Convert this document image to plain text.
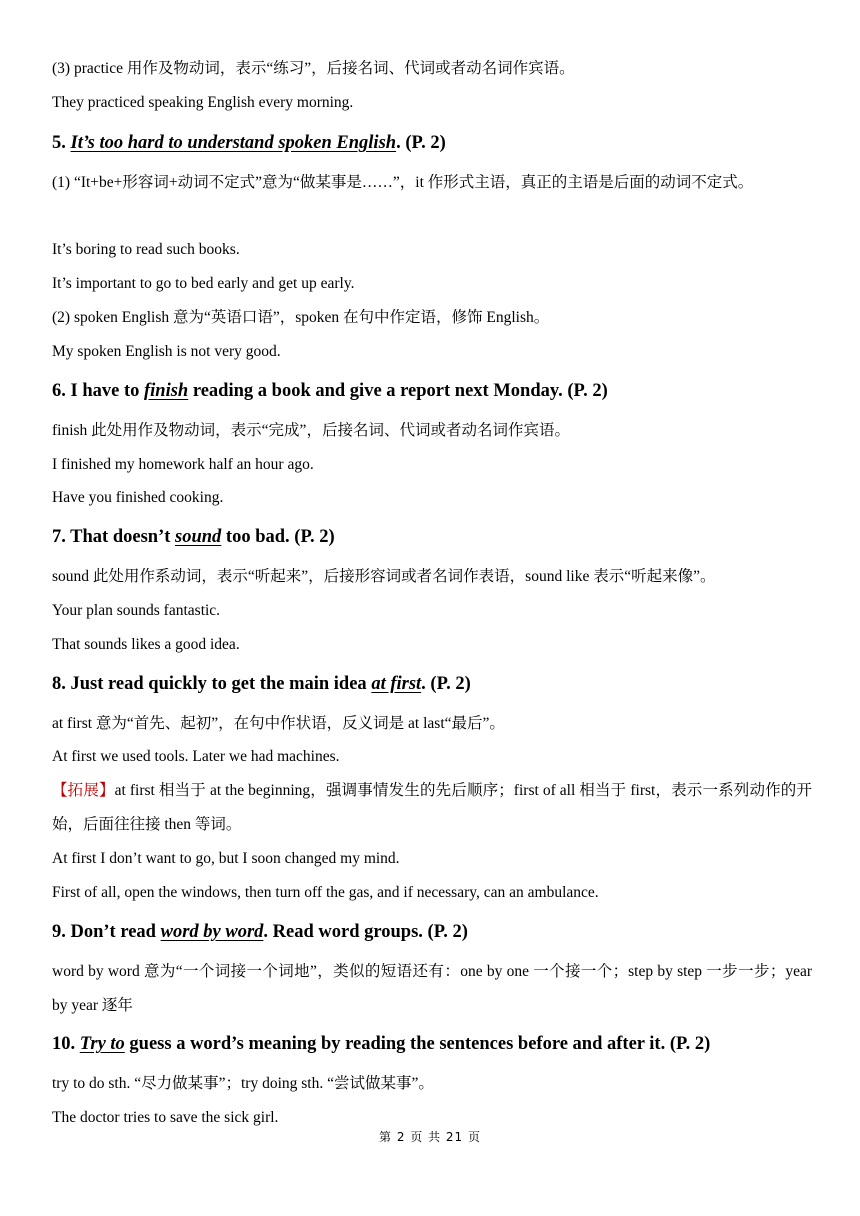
(3) practice 用作及物动词，表示“练习”，后接名词、代词或者动名词作宾语。
They practiced speaking English every morning.
5. It’s too hard to understand spoken English. (P. 2)
(1) “It+be+形容词+动词不定式”意为“做某事是……”，it 作形式主语，真正的主语是后面的动词不定式。
It’s boring to read such books.
It’s important to go to bed early and get up early.
(2) spoken English 意为“英语口语”，spoken 在句中作定语，修饰 English。
My spoken English is not very good.
6. I have to finish reading a book and give a report next Monday. (P. 2)
finish 此处用作及物动词，表示“完成”，后接名词、代词或者动名词作宾语。
I finished my homework half an hour ago.
Have you finished cooking.
7. That doesn’t sound too bad. (P. 2)
sound 此处用作系动词，表示“听起来”，后接形容词或者名词作表语，sound like 表示“听起来像”。
Your plan sounds fantastic.
That sounds likes a good idea.
8. Just read quickly to get the main idea at first. (P. 2)
at first 意为“首先、起初”，在句中作状语，反义词是 at last“最后”。
At first we used tools. Later we had machines.
【拓展】at first 相当于 at the beginning，强调事情发生的先后顺序；first of all 相当于 first，表示一系列动作的开始，后面往往接 then 等词。
At first I don’t want to go, but I soon changed my mind.
First of all, open the windows, then turn off the gas, and if necessary, can an ambulance.
9. Don’t read word by word. Read word groups. (P. 2)
word by word 意为“一个词接一个词地”，类似的短语还有：one by one 一个接一个；step by step 一步一步；year by year 逐年
10. Try to guess a word’s meaning by reading the sentences before and after it. (P. 2)
try to do sth. “尽力做某事”；try doing sth. “尝试做某事”。
The doctor tries to save the sick girl.
第 2 页 共 21 页
